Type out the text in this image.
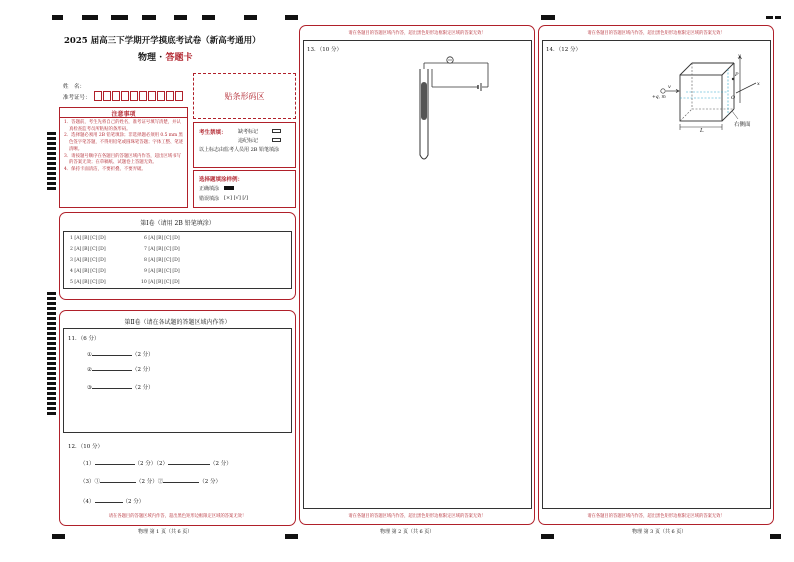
2025 届高三下学期开学摸底考试卷（新高考通用）
物理 · 答题卡
姓　名：
准考证号：	贴条形码区
注意事项
1．答题前，考生先将自己的姓名，准考证号填写清楚，并认真检查监考员所粘贴的条形码。
2．选择题必须用 2B 铅笔填涂；非选择题必须用 0.5 mm 黑色签字笔答题，不得用铅笔或圆珠笔答题；字体工整、笔迹清晰。
3．请按题号顺序在各题目的答题区域内作答，超出区域书写的答案无效；在草稿纸、试题卷上答题无效。
4．保持卡面清洁，不要折叠、不要弄破。
考生禁填： 缺考标记
违纪标记
以上标志由监考人员用 2B 铅笔填涂
选择题填涂样例：
正确填涂
错误填涂 [×] [√] [/]
第Ⅰ卷（请用 2B 铅笔填涂）
1 [A][B][C][D]
2 [A][B][C][D]
3 [A][B][C][D]
4 [A][B][C][D]
5 [A][B][C][D]
6 [A][B][C][D]
7 [A][B][C][D]
8 [A][B][C][D]
9 [A][B][C][D]
10 [A][B][C][D]
第Ⅱ卷（请在各试题的答题区域内作答）
11．（6 分）
①	（2 分）
②	（2 分）
③	（2 分）
12．（10 分）
（1）	（2 分）（2）	（2 分）
（3）①	（2 分）②	（2 分）
（4）	（2 分）
请在各题目的答题区域内作答，超出黑色矩形边框限定区域的答案无效！
物理 第 1 页（共 6 页）
请在各题目的答题区域内作答，超出黑色矩形边框限定区域的答案无效！
13．（10 分）
请在各题目的答题区域内作答，超出黑色矩形边框限定区域的答案无效！
物理 第 2 页（共 6 页）
请在各题目的答题区域内作答，超出黑色矩形边框限定区域的答案无效！
14．（12 分）
v
+q, m
y
x
P
O
L
右侧面
请在各题目的答题区域内作答，超出黑色矩形边框限定区域的答案无效！
物理 第 3 页（共 6 页）
